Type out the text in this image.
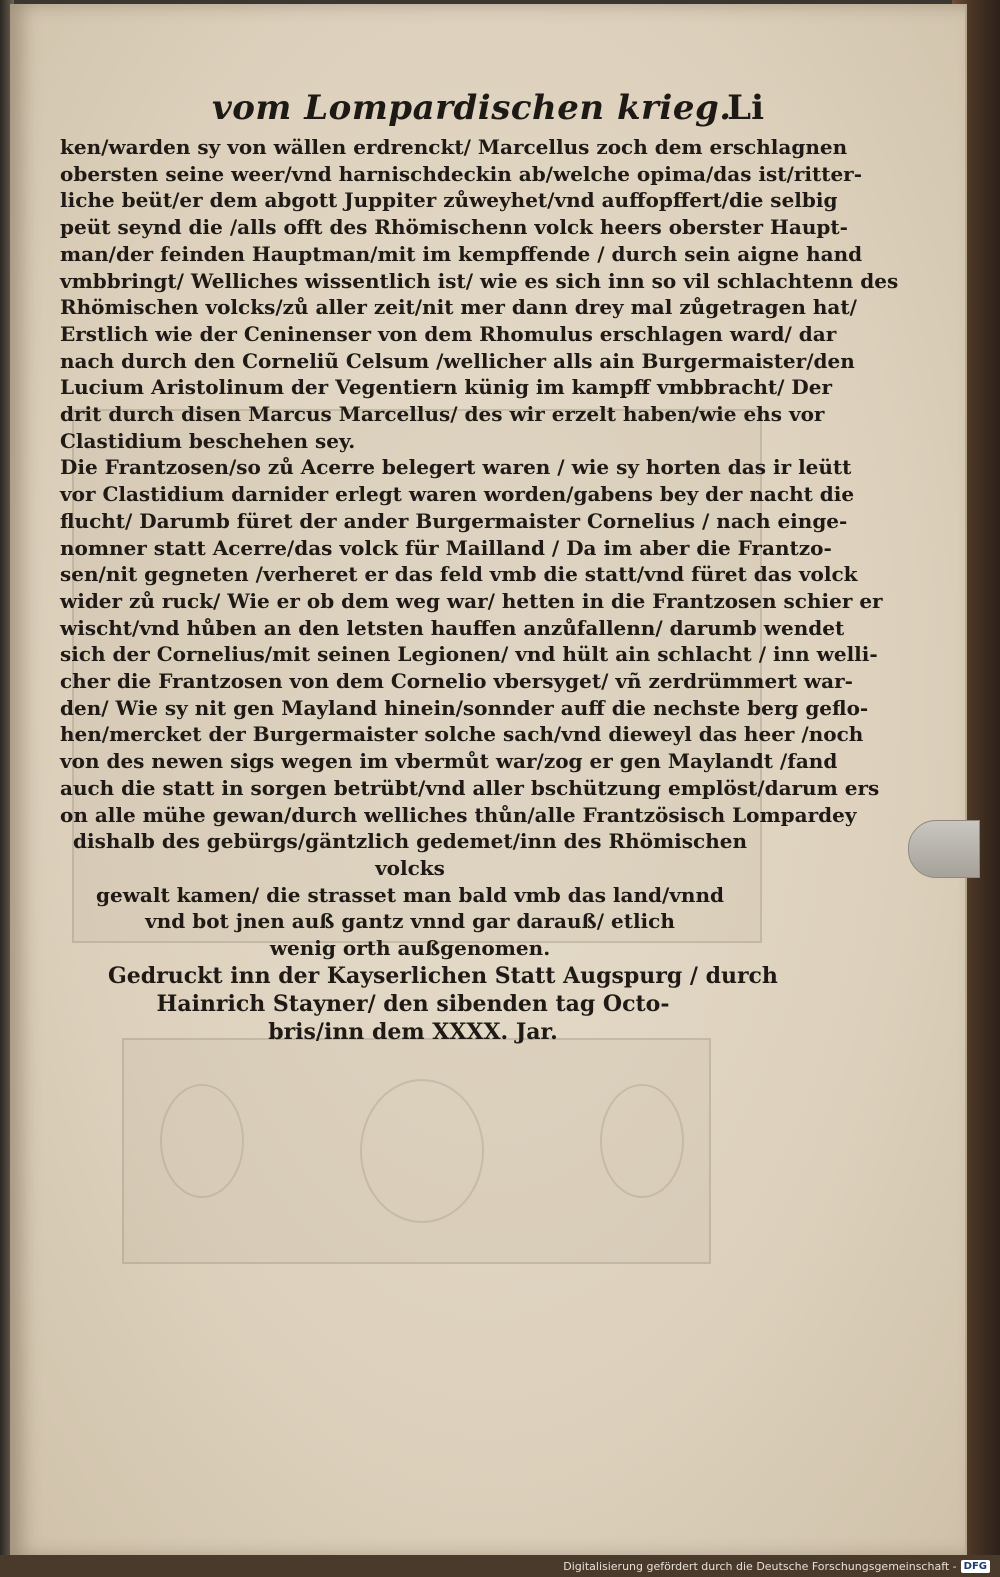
vom Lompardischen krieg.
Li
ken/warden sy von wällen erdrenckt/ Marcellus zoch dem erschlagnen
obersten seine weer/vnd harnischdeckin ab/welche opima/das ist/ritter-
liche beüt/er dem abgott Juppiter zůweyhet/vnd auffopffert/die selbig
peüt seynd die /alls offt des Rhömischenn volck heers oberster Haupt-
man/der feinden Hauptman/mit im kempffende / durch sein aigne hand
vmbbringt/ Welliches wissentlich ist/ wie es sich inn so vil schlachtenn des
Rhömischen volcks/zů aller zeit/nit mer dann drey mal zůgetragen hat/
Erstlich wie der Ceninenser von dem Rhomulus erschlagen ward/ dar
nach durch den Corneliũ Celsum /wellicher alls ain Burgermaister/den
Lucium Aristolinum der Vegentiern künig im kampff vmbbracht/ Der
drit durch disen Marcus Marcellus/ des wir erzelt haben/wie ehs vor
Clastidium beschehen sey.
Die Frantzosen/so zů Acerre belegert waren / wie sy horten das ir leütt
vor Clastidium darnider erlegt waren worden/gabens bey der nacht die
flucht/ Darumb füret der ander Burgermaister Cornelius / nach einge-
nomner statt Acerre/das volck für Mailland / Da im aber die Frantzo-
sen/nit gegneten /verheret er das feld vmb die statt/vnd füret das volck
wider zů ruck/ Wie er ob dem weg war/ hetten in die Frantzosen schier er
wischt/vnd hůben an den letsten hauffen anzůfallenn/ darumb wendet
sich der Cornelius/mit seinen Legionen/ vnd hült ain schlacht / inn welli-
cher die Frantzosen von dem Cornelio vbersyget/ vñ zerdrümmert war-
den/ Wie sy nit gen Mayland hinein/sonnder auff die nechste berg geflo-
hen/mercket der Burgermaister solche sach/vnd dieweyl das heer /noch
von des newen sigs wegen im vbermůt war/zog er gen Maylandt /fand
auch die statt in sorgen betrübt/vnd aller bschützung emplöst/darum ers
on alle mühe gewan/durch welliches thůn/alle Frantzösisch Lompardey
dishalb des gebürgs/gäntzlich gedemet/inn des Rhömischen volcks
gewalt kamen/ die strasset man bald vmb das land/vnnd
vnd bot jnen auß gantz vnnd gar darauß/ etlich
wenig orth außgenomen.
Gedruckt inn der Kayserlichen Statt Augspurg / durch
Hainrich Stayner/ den sibenden tag Octo-
bris/inn dem XXXX. Jar.
Digitalisierung gefördert durch die Deutsche Forschungsgemeinschaft - DFG
